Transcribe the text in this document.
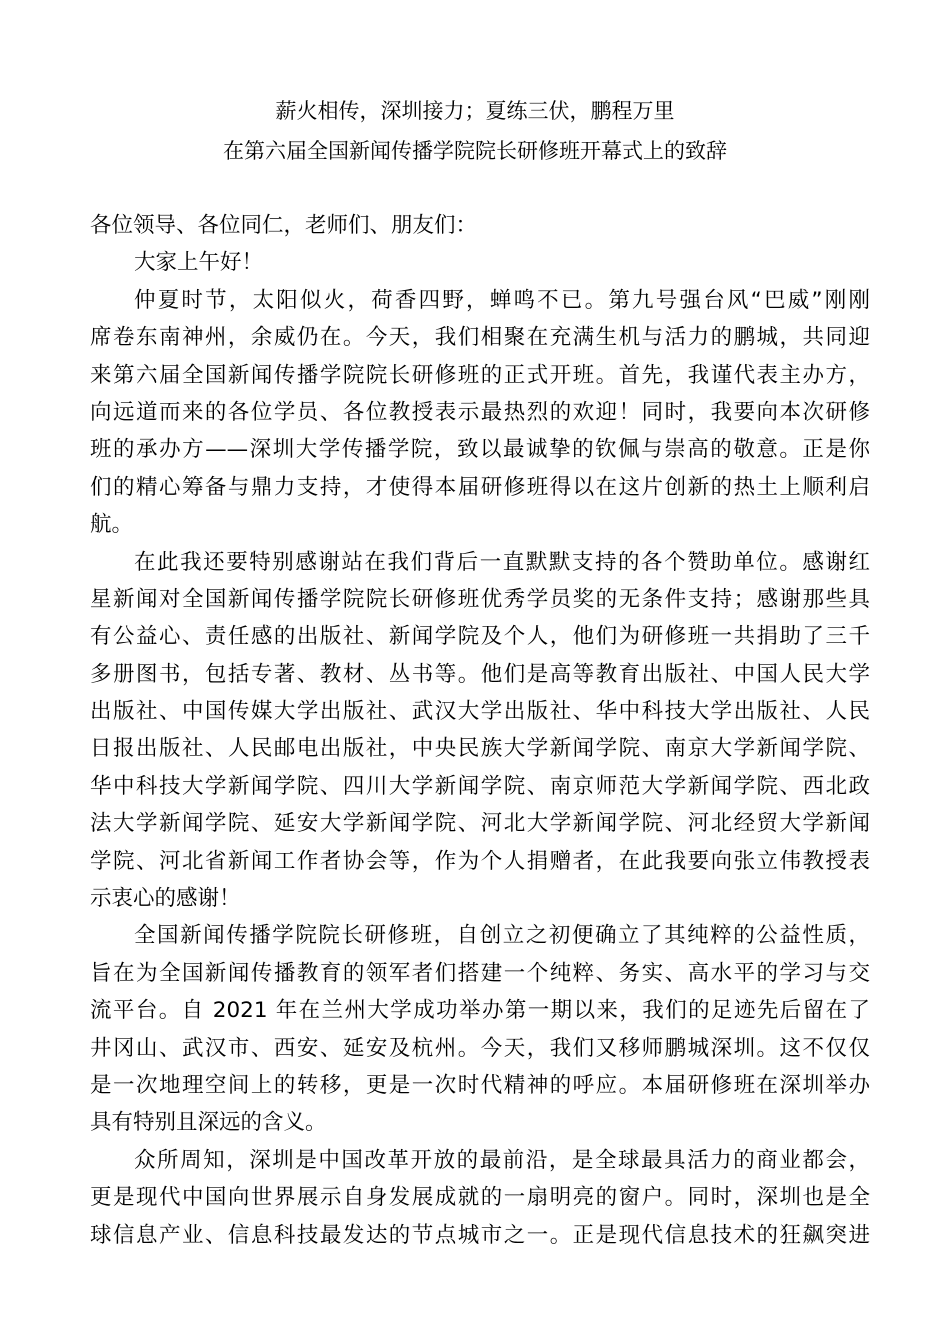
薪火相传，深圳接力；夏练三伏，鹏程万里
在第六届全国新闻传播学院院长研修班开幕式上的致辞
各位领导、各位同仁，老师们、朋友们：
大家上午好！
仲夏时节，太阳似火，荷香四野，蝉鸣不已。第九号强台风“巴威”刚刚
席卷东南神州，余威仍在。今天，我们相聚在充满生机与活力的鹏城，共同迎
来第六届全国新闻传播学院院长研修班的正式开班。首先，我谨代表主办方，
向远道而来的各位学员、各位教授表示最热烈的欢迎！同时，我要向本次研修
班的承办方——深圳大学传播学院，致以最诚挚的钦佩与崇高的敬意。正是你
们的精心筹备与鼎力支持，才使得本届研修班得以在这片创新的热土上顺利启
航。
在此我还要特别感谢站在我们背后一直默默支持的各个赞助单位。感谢红
星新闻对全国新闻传播学院院长研修班优秀学员奖的无条件支持；感谢那些具
有公益心、责任感的出版社、新闻学院及个人，他们为研修班一共捐助了三千
多册图书，包括专著、教材、丛书等。他们是高等教育出版社、中国人民大学
出版社、中国传媒大学出版社、武汉大学出版社、华中科技大学出版社、人民
日报出版社、人民邮电出版社，中央民族大学新闻学院、南京大学新闻学院、
华中科技大学新闻学院、四川大学新闻学院、南京师范大学新闻学院、西北政
法大学新闻学院、延安大学新闻学院、河北大学新闻学院、河北经贸大学新闻
学院、河北省新闻工作者协会等，作为个人捐赠者，在此我要向张立伟教授表
示衷心的感谢！
全国新闻传播学院院长研修班，自创立之初便确立了其纯粹的公益性质，
旨在为全国新闻传播教育的领军者们搭建一个纯粹、务实、高水平的学习与交
流平台。自 2021 年在兰州大学成功举办第一期以来，我们的足迹先后留在了
井冈山、武汉市、西安、延安及杭州。今天，我们又移师鹏城深圳。这不仅仅
是一次地理空间上的转移，更是一次时代精神的呼应。本届研修班在深圳举办
具有特别且深远的含义。
众所周知，深圳是中国改革开放的最前沿，是全球最具活力的商业都会，
更是现代中国向世界展示自身发展成就的一扇明亮的窗户。同时，深圳也是全
球信息产业、信息科技最发达的节点城市之一。正是现代信息技术的狂飙突进
